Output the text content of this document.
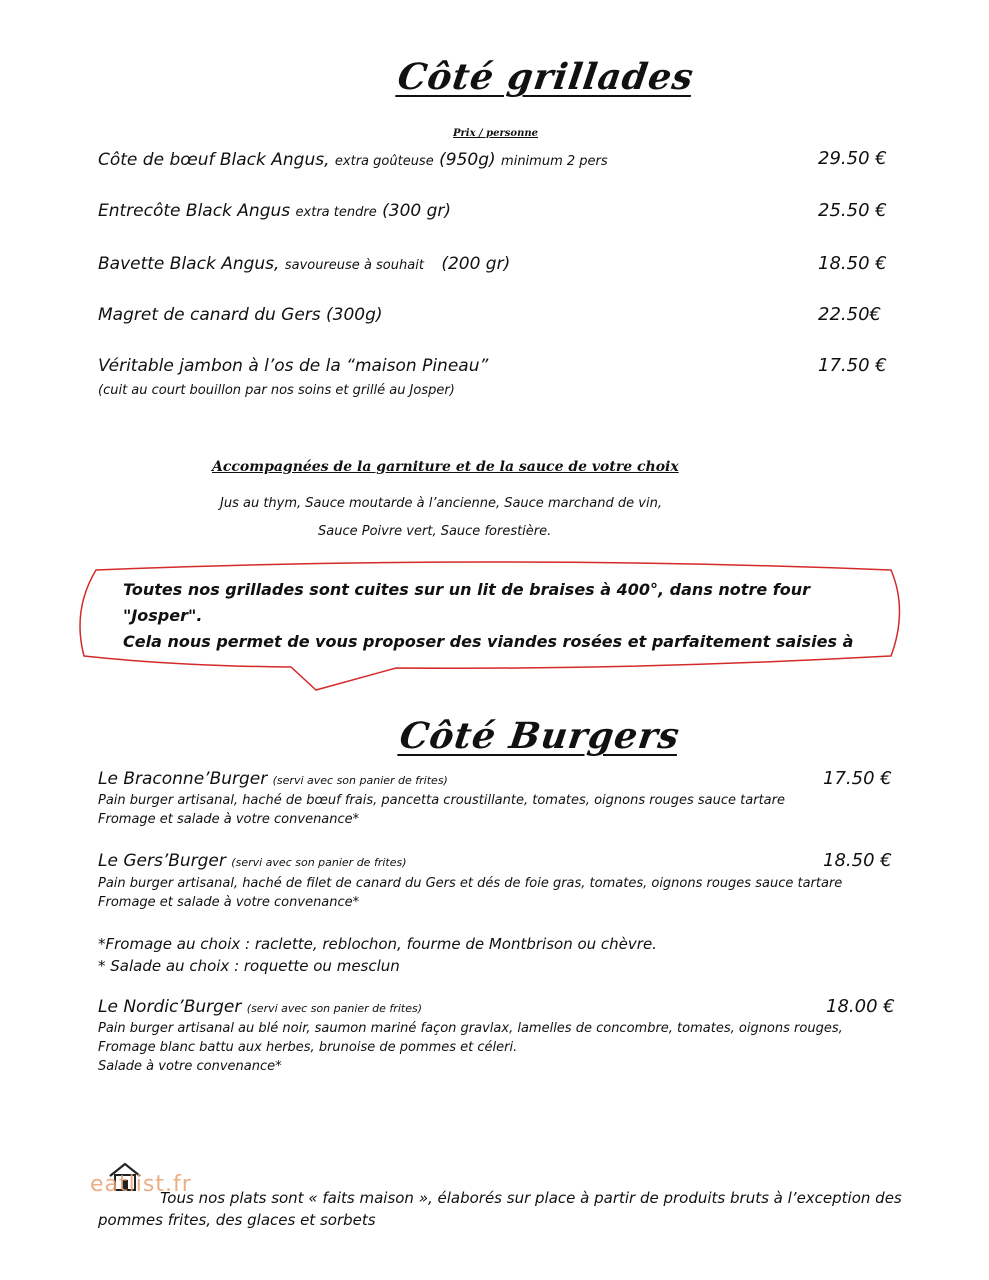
Côté grillades
Prix / personne
Côte de bœuf Black Angus, extra goûteuse (950g) minimum 2 pers	29.50 €
Entrecôte Black Angus extra tendre (300 gr)	25.50 €
Bavette Black Angus, savoureuse à souhait (200 gr)	18.50 €
Magret de canard du Gers (300g)	22.50€
Véritable jambon à l’os de la “maison Pineau”	17.50 €
(cuit au court bouillon par nos soins et grillé au Josper)
Accompagnées de la garniture et de la sauce de votre choix
Jus au thym, Sauce moutarde à l’ancienne, Sauce marchand de vin,
Sauce Poivre vert, Sauce forestière.
Toutes nos grillades sont cuites sur un lit de braises à 400°, dans notre four
"Josper".
Cela nous permet de vous proposer des viandes rosées et parfaitement saisies à
Côté Burgers
Le Braconne’Burger (servi avec son panier de frites)	17.50 €
Pain burger artisanal, haché de bœuf frais, pancetta croustillante, tomates, oignons rouges sauce tartare
Fromage et salade à votre convenance*
Le Gers’Burger (servi avec son panier de frites)	18.50 €
Pain burger artisanal, haché de filet de canard du Gers et dés de foie gras, tomates, oignons rouges sauce tartare
Fromage et salade à votre convenance*
*Fromage au choix : raclette, reblochon, fourme de Montbrison ou chèvre.
* Salade au choix : roquette ou mesclun
Le Nordic’Burger (servi avec son panier de frites)	18.00 €
Pain burger artisanal au blé noir, saumon mariné façon gravlax, lamelles de concombre, tomates, oignons rouges,
Fromage blanc battu aux herbes, brunoise de pommes et céleri.
Salade à votre convenance*
eatlist.fr
Tous nos plats sont « faits maison », élaborés sur place à partir de produits bruts à l’exception des
pommes frites, des glaces et sorbets
